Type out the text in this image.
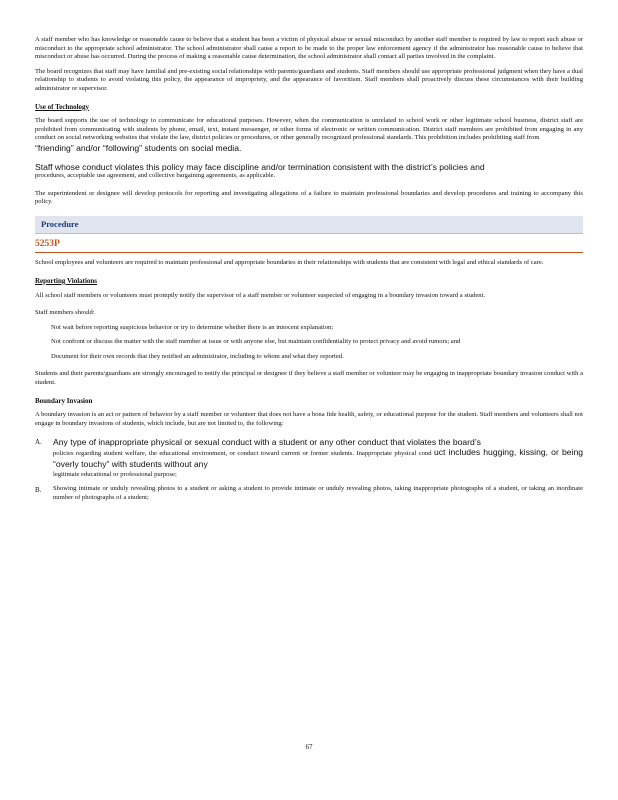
A staff member who has knowledge or reasonable cause to believe that a student has been a victim of physical abuse or sexual misconduct by another staff member is required by law to report such abuse or misconduct to the appropriate school administrator. The school administrator shall cause a report to be made to the proper law enforcement agency if the administrator has reasonable cause to believe that misconduct or abuse has occurred. During the process of making a reasonable cause determination, the school administrator shall contact all parties involved in the complaint.

The board recognizes that staff may have familial and pre-existing social relationships with parents/guardians and students. Staff members should use appropriate professional judgment when they have a dual relationship to students to avoid violating this policy, the appearance of impropriety, and the appearance of favoritism. Staff members shall proactively discuss these circumstances with their building administrator or supervisor.

Use of Technology

The board supports the use of technology to communicate for educational purposes. However, when the communication is unrelated to school work or other legitimate school business, district staff are prohibited from communicating with students by phone, email, text, instant messenger, or other forms of electronic or written communication. District staff members are prohibited from engaging in any conduct on social networking websites that violate the law, district policies or procedures, or other generally recognized professional standards. This prohibition includes prohibiting staff from

“friending” and/or “following” students on social media.

Staff whose conduct violates this policy may face discipline and/or termination consistent with the district’s policies and

procedures, acceptable use agreement, and collective bargaining agreements, as applicable.

The superintendent or designee will develop protocols for reporting and investigating allegations of a failure to maintain professional boundaries and develop procedures and training to accompany this policy.

Procedure

5253P

School employees and volunteers are required to maintain professional and appropriate boundaries in their relationships with students that are consistent with legal and ethical standards of care.

Reporting Violations

All school staff members or volunteers must promptly notify the supervisor of a staff member or volunteer suspected of engaging in a boundary invasion toward a student.

Staff members should:

Not wait before reporting suspicious behavior or try to determine whether there is an innocent explanation;
Not confront or discuss the matter with the staff member at issue or with anyone else, but maintain confidentiality to protect privacy and avoid rumors; and
Document for their own records that they notified an administrator, including to whom and what they reported.

Students and their parents/guardians are strongly encouraged to notify the principal or designee if they believe a staff member or volunteer may be engaging in inappropriate boundary invasion conduct with a student.

Boundary Invasion

A boundary invasion is an act or pattern of behavior by a staff member or volunteer that does not have a bona fide health, safety, or educational purpose for the student. Staff members and volunteers shall not engage in boundary invasions of students, which include, but are not limited to, the following:

A.	Any type of inappropriate physical or sexual conduct with a student or any other conduct that violates the board’s

policies regarding student welfare, the educational environment, or conduct toward current or former students. Inappropriate physical cond uct includes hugging, kissing, or being “overly touchy” with students without any

legitimate educational or professional purpose;

B.	Showing intimate or unduly revealing photos to a student or asking a student to provide intimate or unduly revealing photos, taking inappropriate photographs of a student, or taking an inordinate number of photographs of a student;

67
